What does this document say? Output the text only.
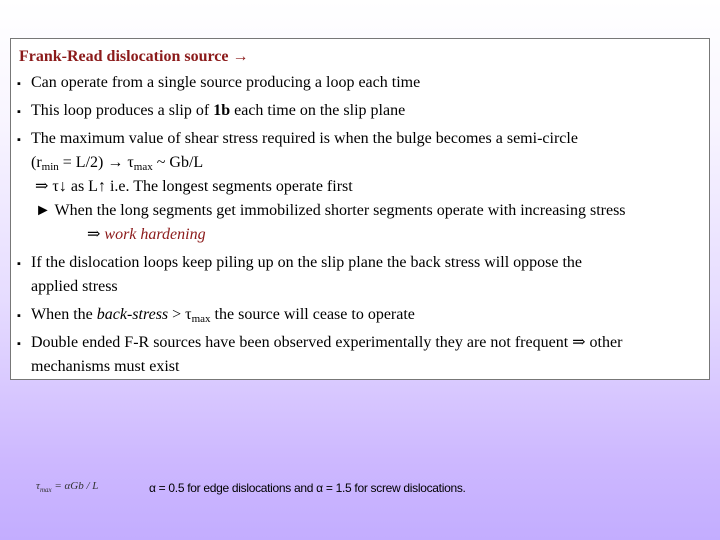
Frank-Read dislocation source →
▪ Can operate from a single source producing a loop each time
▪ This loop produces a slip of 1b each time on the slip plane
▪ The maximum value of shear stress required is when the bulge becomes a semi-circle
$(r_{min} = L/2) \to \tau_{max}$ ~ Gb/L
⇒ τ↓ as L↑ i.e. The longest segments operate first
► When the long segments get immobilized shorter segments operate with increasing stress
⇒ work hardening
▪ If the dislocation loops keep piling up on the slip plane the back stress will oppose the
applied stress
▪ When the back-stress > $\tau_{max}$ the source will cease to operate
▪ Double ended F-R sources have been observed experimentally they are not frequent ⇒ other
mechanisms must exist
$\tau_{max} = \alpha Gb / L$	α = 0.5 for edge dislocations and α = 1.5 for screw dislocations.
